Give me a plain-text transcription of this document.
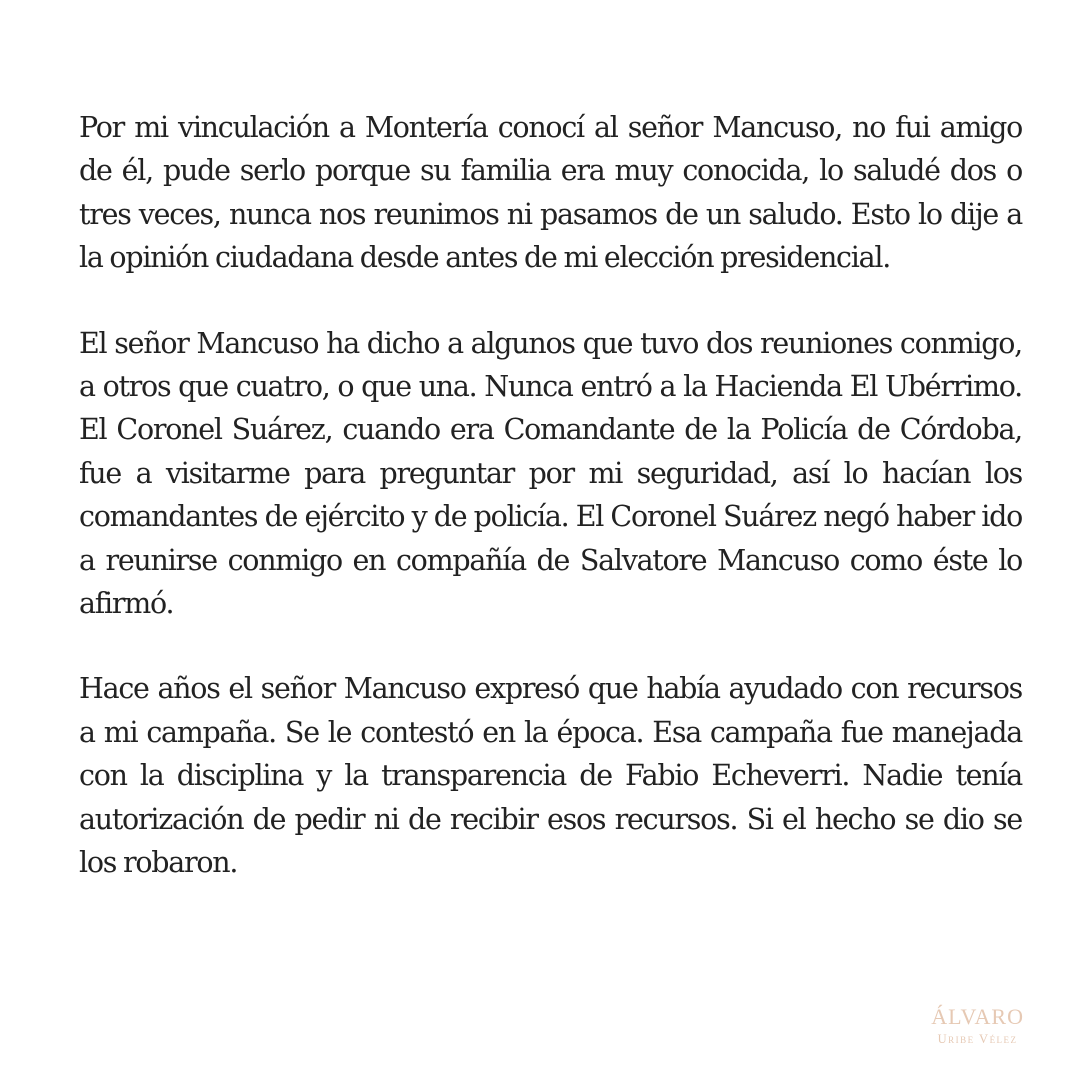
Por mi vinculación a Montería conocí al señor Mancuso, no fui amigo de él, pude serlo porque su familia era muy conocida, lo saludé dos o tres veces, nunca nos reunimos ni pasamos de un saludo. Esto lo dije a la opinión ciudadana desde antes de mi elección presidencial.

El señor Mancuso ha dicho a algunos que tuvo dos reuniones conmigo, a otros que cuatro, o que una. Nunca entró a la Hacienda El Ubérrimo. El Coronel Suárez, cuando era Comandante de la Policía de Córdoba, fue a visitarme para preguntar por mi seguridad, así lo hacían los comandantes de ejército y de policía. El Coronel Suárez negó haber ido a reunirse conmigo en compañía de Salvatore Mancuso como éste lo afirmó.

Hace años el señor Mancuso expresó que había ayudado con recursos a mi campaña. Se le contestó en la época. Esa campaña fue manejada con la disciplina y la transparencia de Fabio Echeverri. Nadie tenía autorización de pedir ni de recibir esos recursos. Si el hecho se dio se los robaron.

ÁLVARO
Uribe Vélez
